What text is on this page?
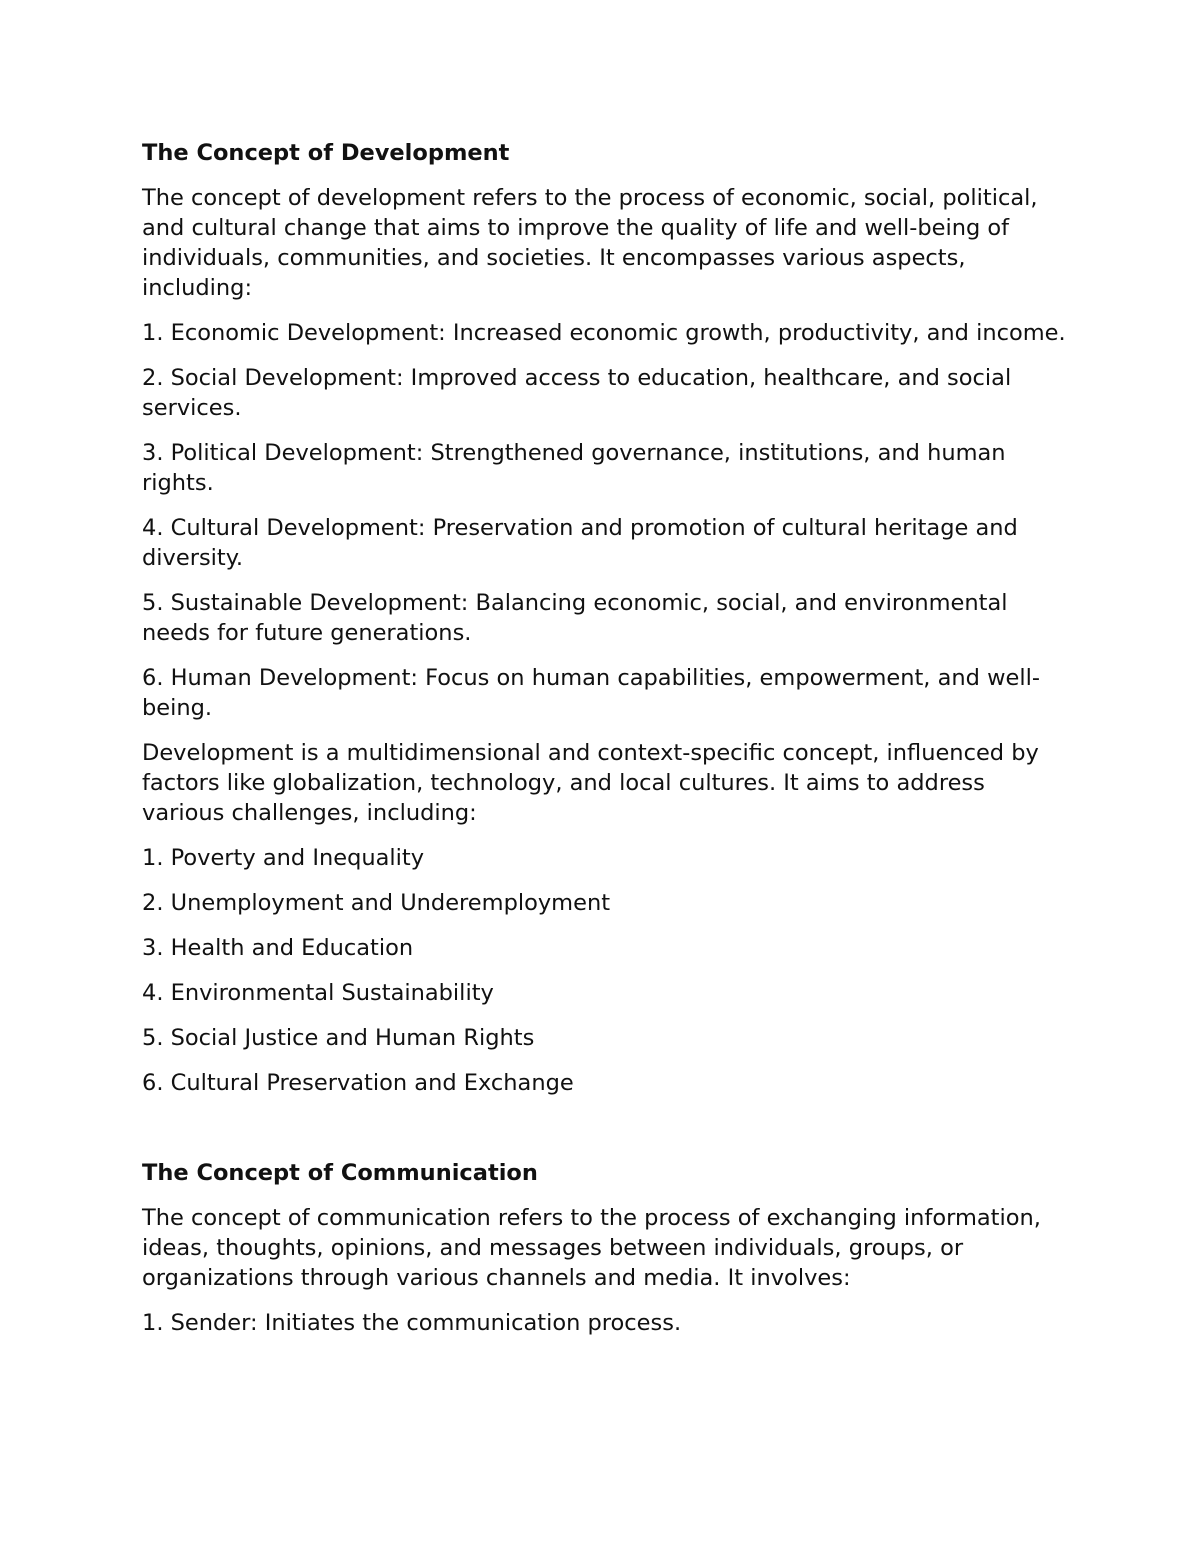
The Concept of Development

The concept of development refers to the process of economic, social, political, and cultural change that aims to improve the quality of life and well-being of individuals, communities, and societies. It encompasses various aspects, including:

1. Economic Development: Increased economic growth, productivity, and income.
2. Social Development: Improved access to education, healthcare, and social services.
3. Political Development: Strengthened governance, institutions, and human rights.
4. Cultural Development: Preservation and promotion of cultural heritage and diversity.
5. Sustainable Development: Balancing economic, social, and environmental needs for future generations.
6. Human Development: Focus on human capabilities, empowerment, and well-being.

Development is a multidimensional and context-specific concept, influenced by factors like globalization, technology, and local cultures. It aims to address various challenges, including:

1. Poverty and Inequality
2. Unemployment and Underemployment
3. Health and Education
4. Environmental Sustainability
5. Social Justice and Human Rights
6. Cultural Preservation and Exchange
The Concept of Communication

The concept of communication refers to the process of exchanging information, ideas, thoughts, opinions, and messages between individuals, groups, or organizations through various channels and media. It involves:

1. Sender: Initiates the communication process.
